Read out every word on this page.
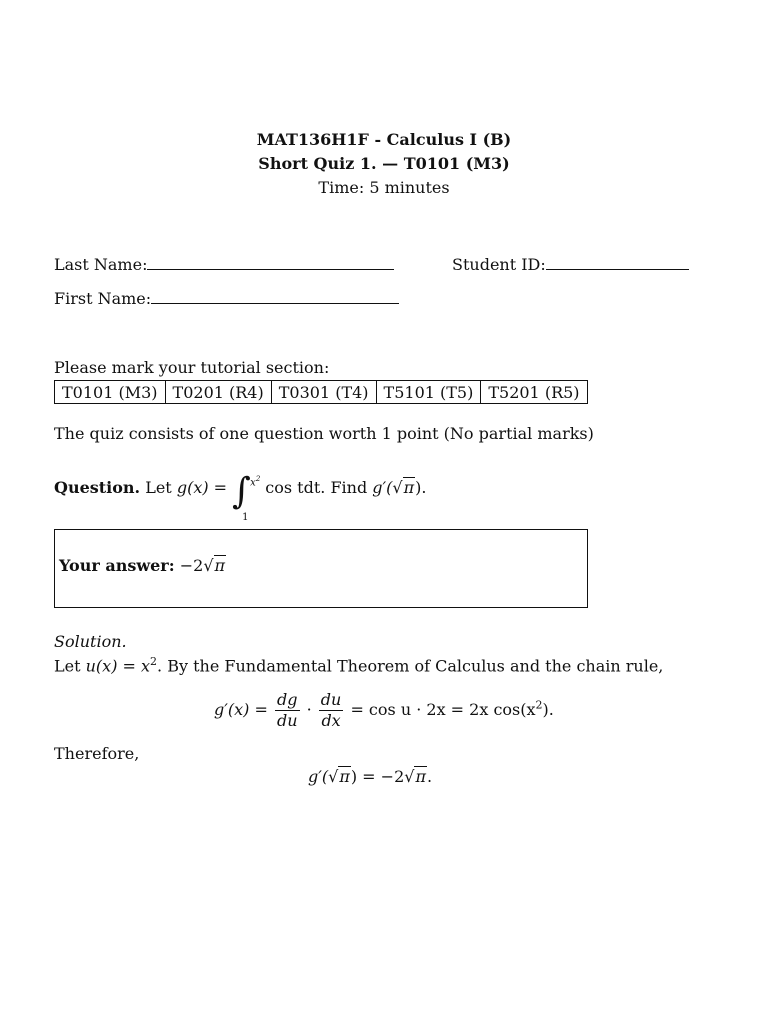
MAT136H1F - Calculus I (B)
Short Quiz 1. — T0101 (M3)
Time: 5 minutes
Last Name:	Student ID:
First Name:
Please mark your tutorial section:
T0101 (M3)	T0201 (R4)	T0301 (T4)	T5101 (T5)	T5201 (R5)
The quiz consists of one question worth 1 point (No partial marks)
Question. Let g(x) = ∫ $x^2$
1
cos tdt. Find g′(√π).
Your answer: −2√π
Solution.
Let $u(x) = x^2$. By the Fundamental Theorem of Calculus and the chain rule,
$g'(x) = \frac{dg}{du} \cdot \frac{du}{dx} = \cos u \cdot 2x = 2x$ $\cos(x^2)$.
Therefore,
g′(√π) = −2√π.
